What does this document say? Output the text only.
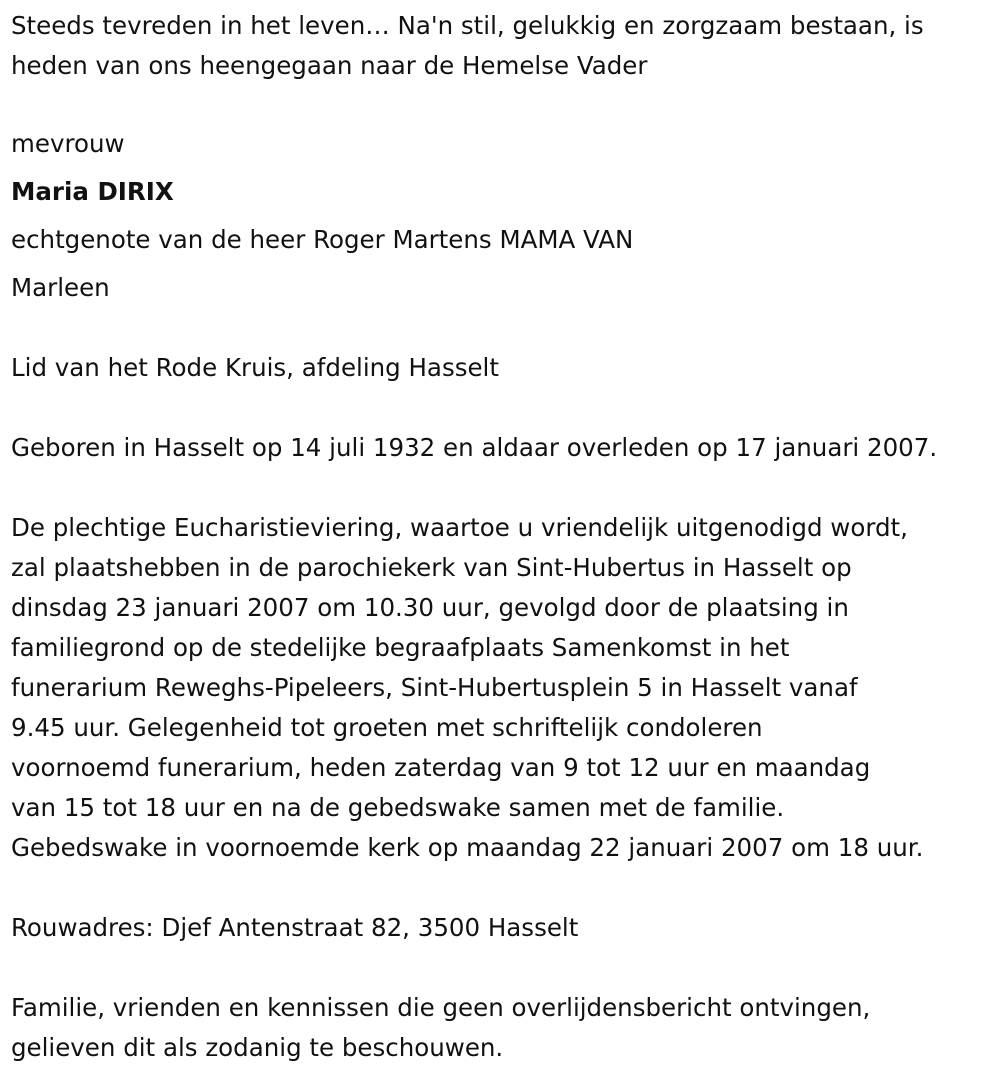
Steeds tevreden in het leven… Na'n stil, gelukkig en zorgzaam bestaan, is
heden van ons heengegaan naar de Hemelse Vader
mevrouw
Maria DIRIX
echtgenote van de heer Roger Martens MAMA VAN
Marleen
Lid van het Rode Kruis, afdeling Hasselt
Geboren in Hasselt op 14 juli 1932 en aldaar overleden op 17 januari 2007.
De plechtige Eucharistieviering, waartoe u vriendelijk uitgenodigd wordt,
zal plaatshebben in de parochiekerk van Sint-Hubertus in Hasselt op
dinsdag 23 januari 2007 om 10.30 uur, gevolgd door de plaatsing in
familiegrond op de stedelijke begraafplaats Samenkomst in het
funerarium Reweghs-Pipeleers, Sint-Hubertusplein 5 in Hasselt vanaf
9.45 uur. Gelegenheid tot groeten met schriftelijk condoleren
voornoemd funerarium, heden zaterdag van 9 tot 12 uur en maandag
van 15 tot 18 uur en na de gebedswake samen met de familie.
Gebedswake in voornoemde kerk op maandag 22 januari 2007 om 18 uur.
Rouwadres: Djef Antenstraat 82, 3500 Hasselt
Familie, vrienden en kennissen die geen overlijdensbericht ontvingen,
gelieven dit als zodanig te beschouwen.
